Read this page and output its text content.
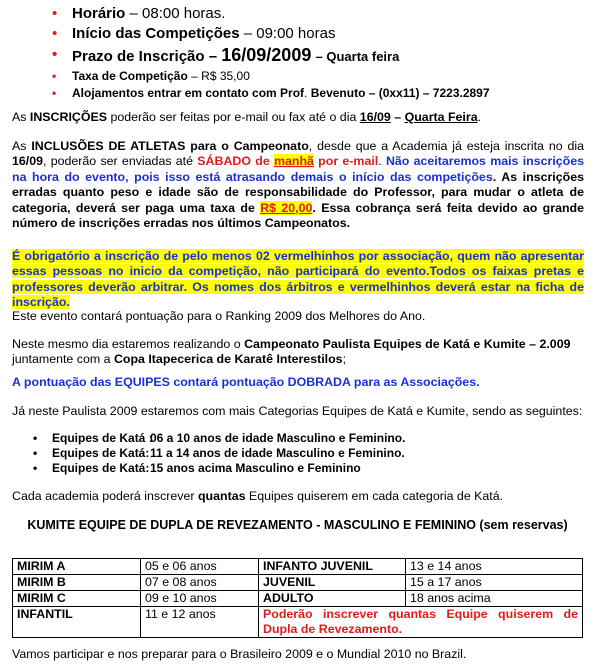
• Horário – 08:00 horas.
• Início das Competições – 09:00 horas
• Prazo de Inscrição – 16/09/2009 – Quarta feira
• Taxa de Competição – R$ 35,00
• Alojamentos entrar em contato com Prof. Bevenuto – (0xx11) – 7223.2897

As INSCRIÇÕES poderão ser feitas por e-mail ou fax até o dia 16/09 – Quarta Feira.

As INCLUSÕES DE ATLETAS para o Campeonato, desde que a Academia já esteja inscrita no dia 16/09, poderão ser enviadas até SÁBADO de manhã por e-mail. Não aceitaremos mais inscrições na hora do evento, pois isso está atrasando demais o início das competições. As inscrições erradas quanto peso e idade são de responsabilidade do Professor, para mudar o atleta de categoria, deverá ser paga uma taxa de R$ 20,00. Essa cobrança será feita devido ao grande número de inscrições erradas nos últimos Campeonatos.

É obrigatório a inscrição de pelo menos 02 vermelhinhos por associação, quem não apresentar essas pessoas no inicio da competição, não participará do evento.Todos os faixas pretas e professores deverão arbitrar. Os nomes dos árbitros e vermelhinhos deverá estar na ficha de inscrição.

Este evento contará pontuação para o Ranking 2009 dos Melhores do Ano.

Neste mesmo dia estaremos realizando o Campeonato Paulista Equipes de Katá e Kumite – 2.009 juntamente com a Copa Itapecerica de Karatê Interestilos;

A pontuação das EQUIPES contará pontuação DOBRADA para as Associações.

Já neste Paulista 2009 estaremos com mais Categorias Equipes de Katá e Kumite, sendo as seguintes:

• Equipes de Katá :06 a 10 anos de idade Masculino e Feminino.
• Equipes de Katá:11 a 14 anos de idade Masculino e Feminino.
• Equipes de Katá:15 anos acima Masculino e Feminino

Cada academia poderá inscrever quantas Equipes quiserem em cada categoria de Katá.

KUMITE EQUIPE DE DUPLA DE REVEZAMENTO - MASCULINO E FEMININO (sem reservas)
MIRIM A	05 e 06 anos	INFANTO JUVENIL	13 e 14 anos
MIRIM B	07 e 08 anos	JUVENIL	15 a 17 anos
MIRIM C	09 e 10 anos	ADULTO	18 anos acima
INFANTIL	11 e 12 anos	Poderão inscrever quantas Equipe quiserem de Dupla de Revezamento.	

Vamos participar e nos preparar para o Brasileiro 2009 e o Mundial 2010 no Brazil.
